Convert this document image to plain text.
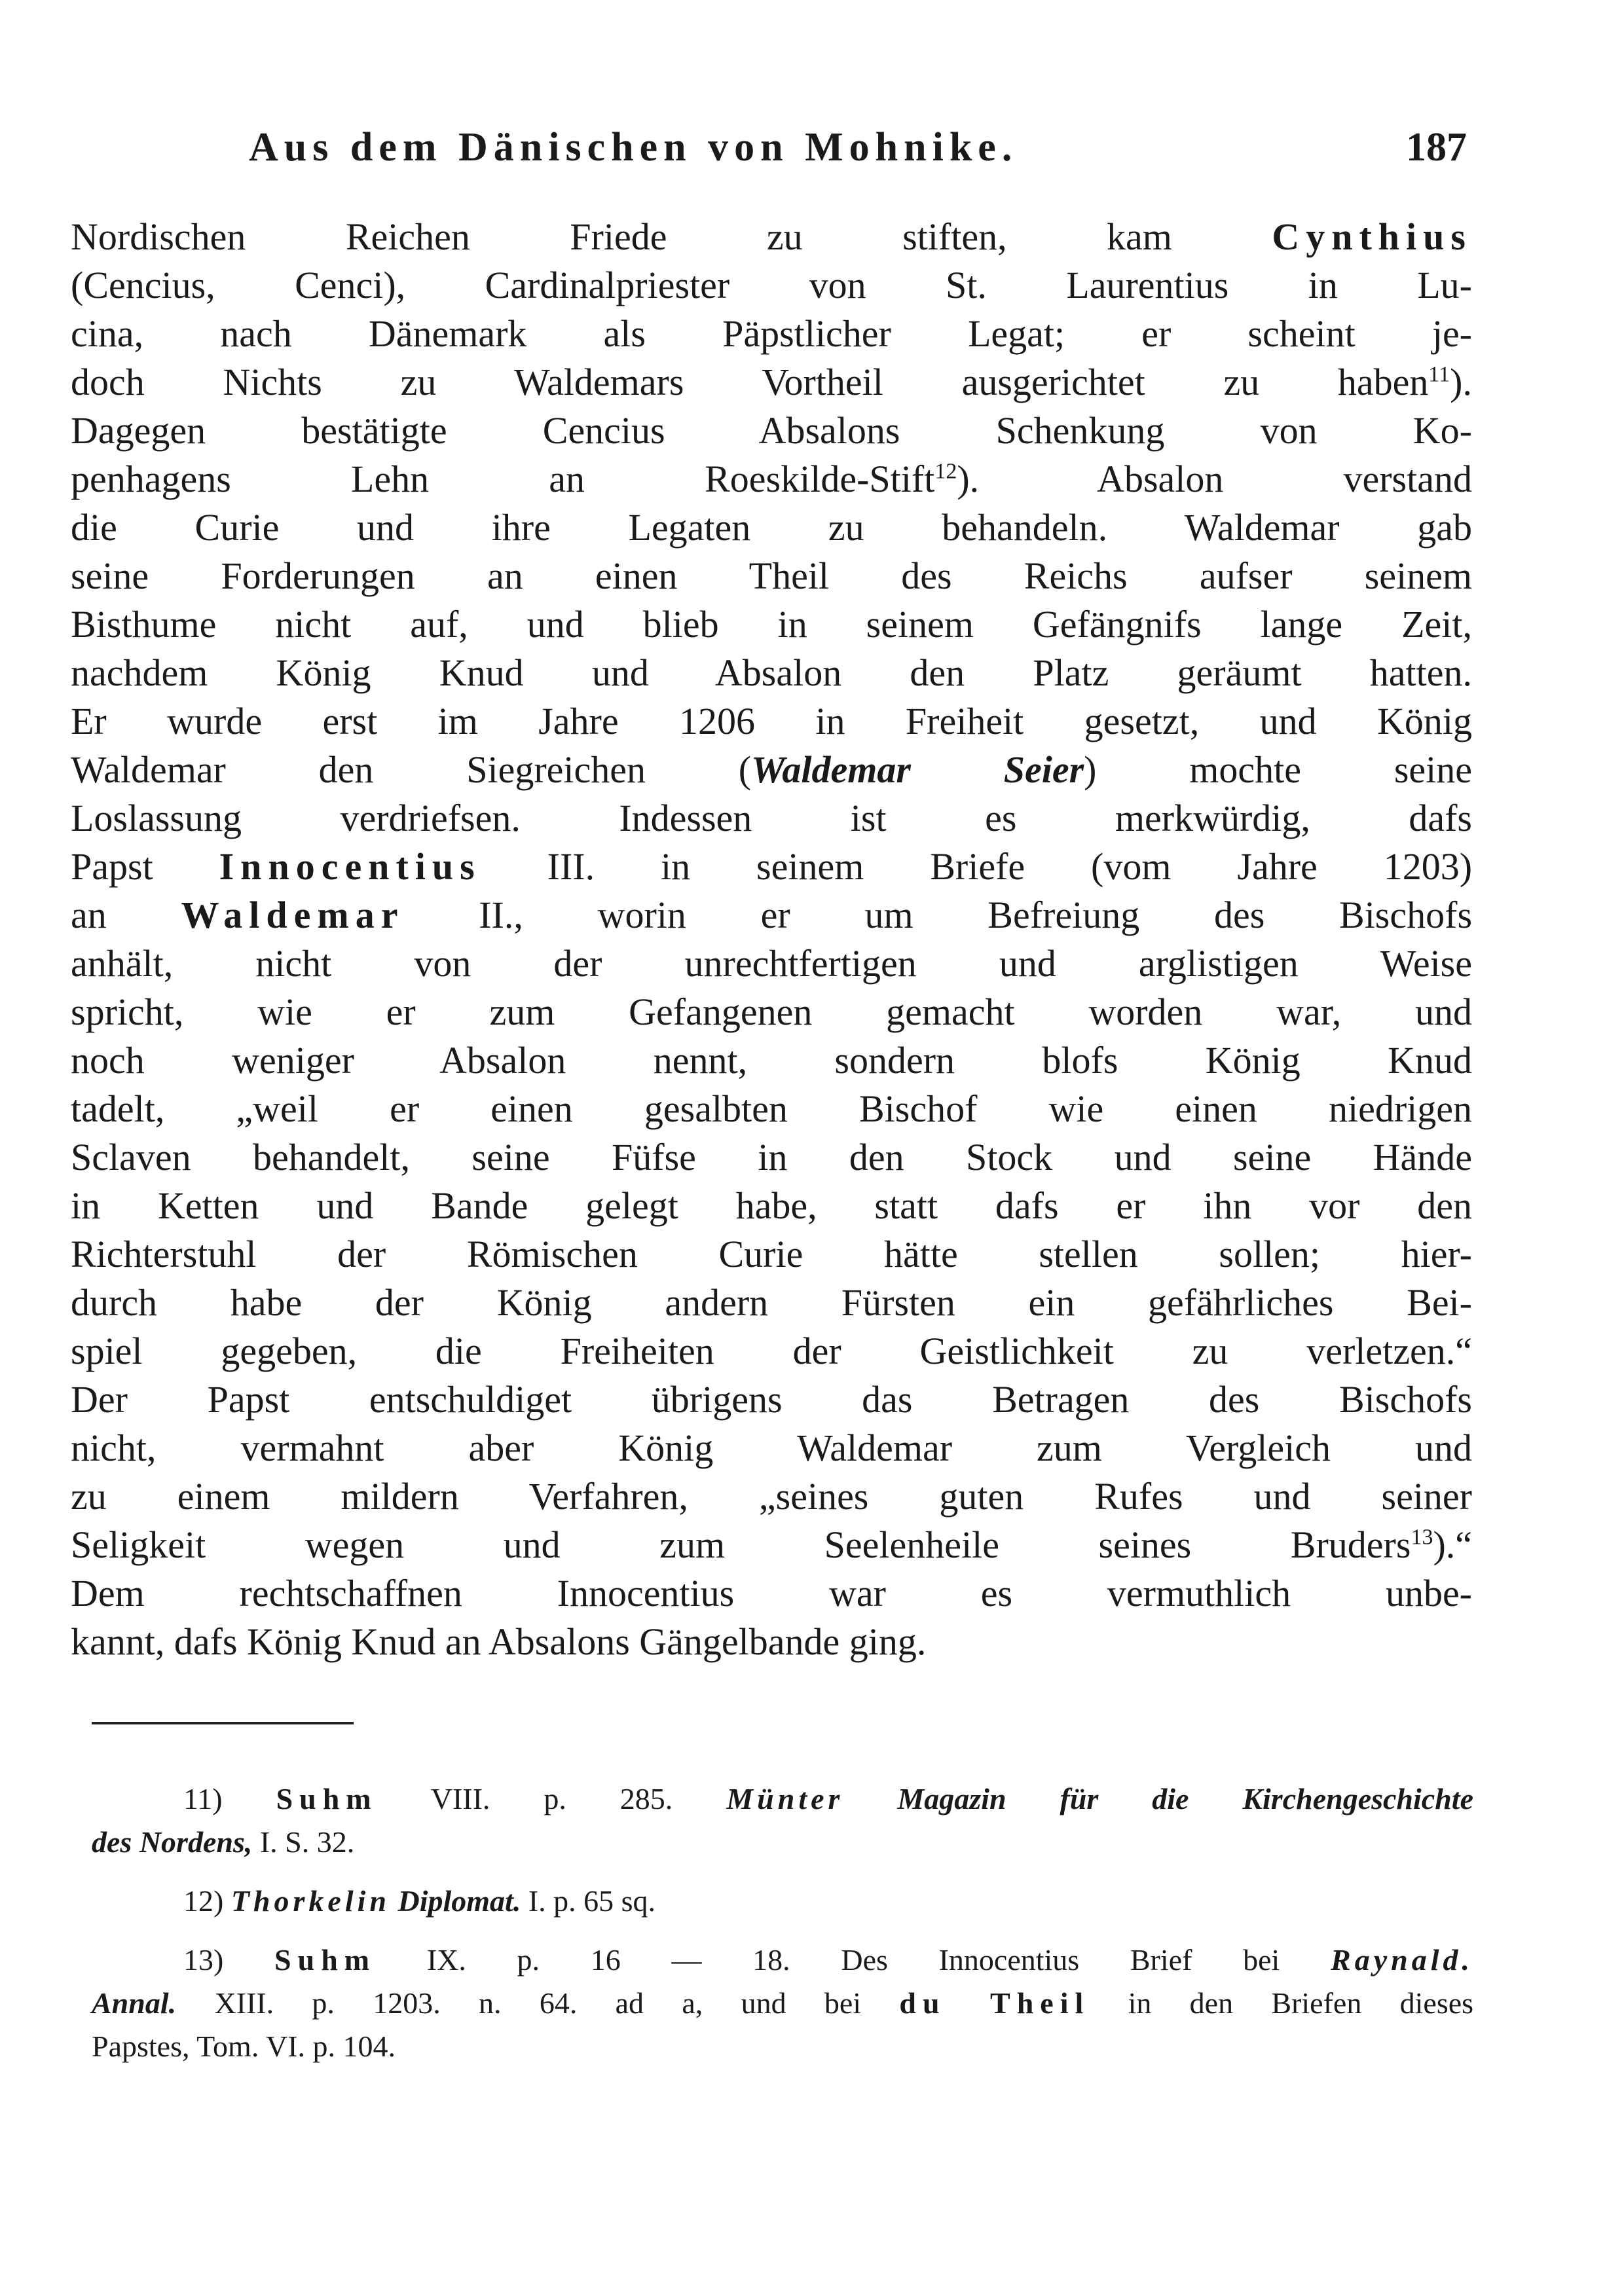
Aus dem Dänischen von Mohnike.	187
Nordischen Reichen Friede zu stiften, kam	Cynthius
(Cencius, Cenci), Cardinalpriester von St. Laurentius in Lu-
cina, nach Dänemark als Päpstlicher Legat; er scheint je-
doch Nichts zu Waldemars Vortheil ausgerichtet zu haben$^{11}$).
Dagegen bestätigte Cencius Absalons Schenkung von Ko-
penhagens Lehn an Roeskilde-Stift$^{12}$). Absalon verstand
die Curie und ihre Legaten zu behandeln. Waldemar gab
seine Forderungen an einen Theil des Reichs aufser seinem
Bisthume nicht auf, und blieb in seinem Gefängnifs lange Zeit,
nachdem König Knud und Absalon den Platz geräumt hatten.
Er wurde erst im Jahre 1206 in Freiheit gesetzt, und König
Waldemar den Siegreichen (Waldemar Seier) mochte seine
Loslassung verdriefsen. Indessen ist es merkwürdig, dafs
Papst Innocentius III. in seinem Briefe (vom Jahre 1203)
an Waldemar II., worin er um Befreiung des Bischofs
anhält, nicht von der unrechtfertigen und arglistigen Weise
spricht, wie er zum Gefangenen gemacht worden war, und
noch weniger Absalon nennt, sondern blofs König Knud
tadelt, „weil er einen gesalbten Bischof wie einen niedrigen
Sclaven behandelt, seine Füfse in den Stock und seine Hände
in Ketten und Bande gelegt habe, statt dafs er ihn vor den
Richterstuhl der Römischen Curie hätte stellen sollen; hier-
durch habe der König andern Fürsten ein gefährliches Bei-
spiel gegeben, die Freiheiten der Geistlichkeit zu verletzen.“
Der Papst entschuldiget übrigens das Betragen des Bischofs
nicht, vermahnt aber König Waldemar zum Vergleich und
zu einem mildern Verfahren, „seines guten Rufes und seiner
Seligkeit wegen und zum Seelenheile seines Bruders$^{13}$).“
Dem rechtschaffnen Innocentius war es vermuthlich unbe-
kannt, dafs König Knud an Absalons Gängelbande ging.
11) Suhm VIII. p. 285. Münter Magazin für die Kirchengeschichte
des Nordens, I. S. 32.
12) Thorkelin Diplomat. I. p. 65 sq.
13) Suhm IX. p. 16 — 18. Des Innocentius Brief bei Raynald.
Annal. XIII. p. 1203. n. 64. ad a, und bei du Theil in den Briefen dieses
Papstes, Tom. VI. p. 104.
